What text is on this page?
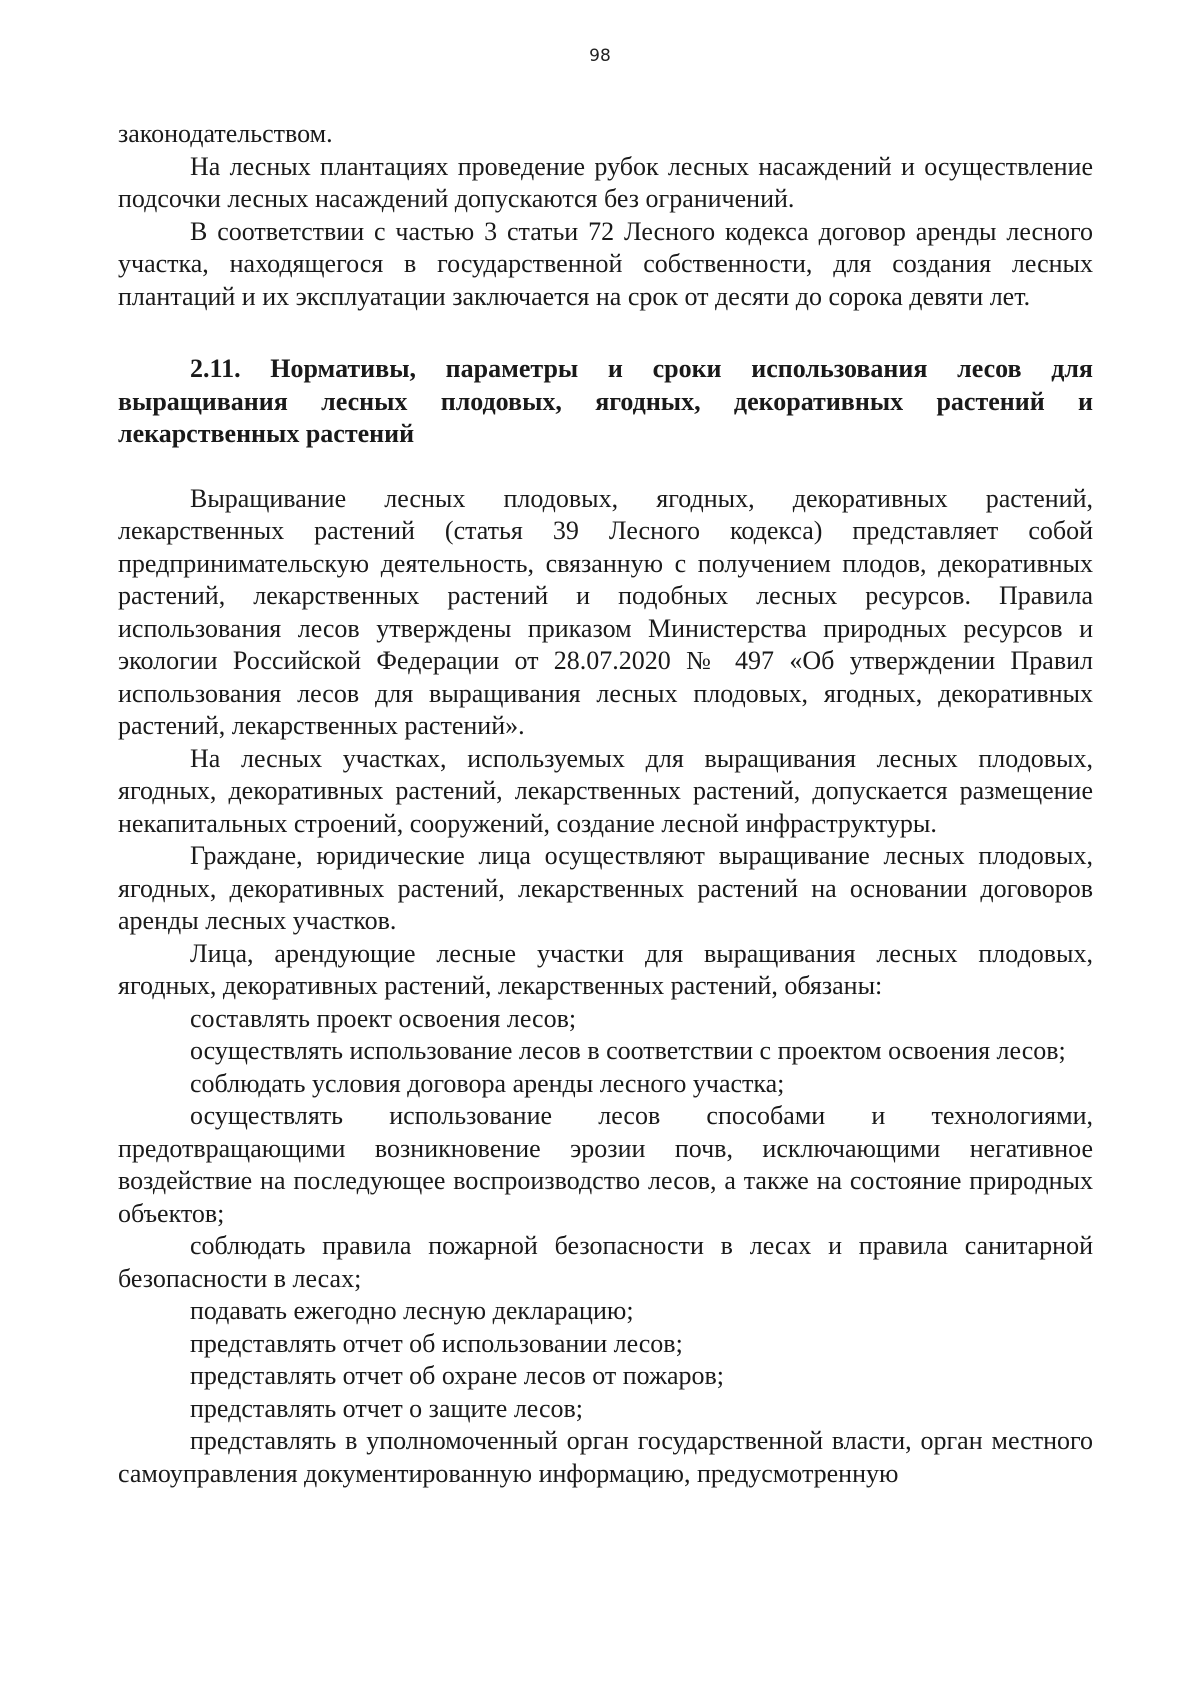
98

законодательством.

На лесных плантациях проведение рубок лесных насаждений и осуществление подсочки лесных насаждений допускаются без ограничений.

В соответствии с частью 3 статьи 72 Лесного кодекса договор аренды лесного участка, находящегося в государственной собственности, для создания лесных плантаций и их эксплуатации заключается на срок от десяти до сорока девяти лет.

2.11. Нормативы, параметры и сроки использования лесов для выращивания лесных плодовых, ягодных, декоративных растений и лекарственных растений

Выращивание лесных плодовых, ягодных, декоративных растений, лекарственных растений (статья 39 Лесного кодекса) представляет собой предпринимательскую деятельность, связанную с получением плодов, декоративных растений, лекарственных растений и подобных лесных ресурсов. Правила использования лесов утверждены приказом Министерства природных ресурсов и экологии Российской Федерации от 28.07.2020 № 497 «Об утверждении Правил использования лесов для выращивания лесных плодовых, ягодных, декоративных растений, лекарственных растений».

На лесных участках, используемых для выращивания лесных плодовых, ягодных, декоративных растений, лекарственных растений, допускается размещение некапитальных строений, сооружений, создание лесной инфраструктуры.

Граждане, юридические лица осуществляют выращивание лесных плодовых, ягодных, декоративных растений, лекарственных растений на основании договоров аренды лесных участков.

Лица, арендующие лесные участки для выращивания лесных плодовых, ягодных, декоративных растений, лекарственных растений, обязаны:

составлять проект освоения лесов;

осуществлять использование лесов в соответствии с проектом освоения лесов;

соблюдать условия договора аренды лесного участка;

осуществлять использование лесов способами и технологиями, предотвращающими возникновение эрозии почв, исключающими негативное воздействие на последующее воспроизводство лесов, а также на состояние природных объектов;

соблюдать правила пожарной безопасности в лесах и правила санитарной безопасности в лесах;

подавать ежегодно лесную декларацию;

представлять отчет об использовании лесов;

представлять отчет об охране лесов от пожаров;

представлять отчет о защите лесов;

представлять в уполномоченный орган государственной власти, орган местного самоуправления документированную информацию, предусмотренную
